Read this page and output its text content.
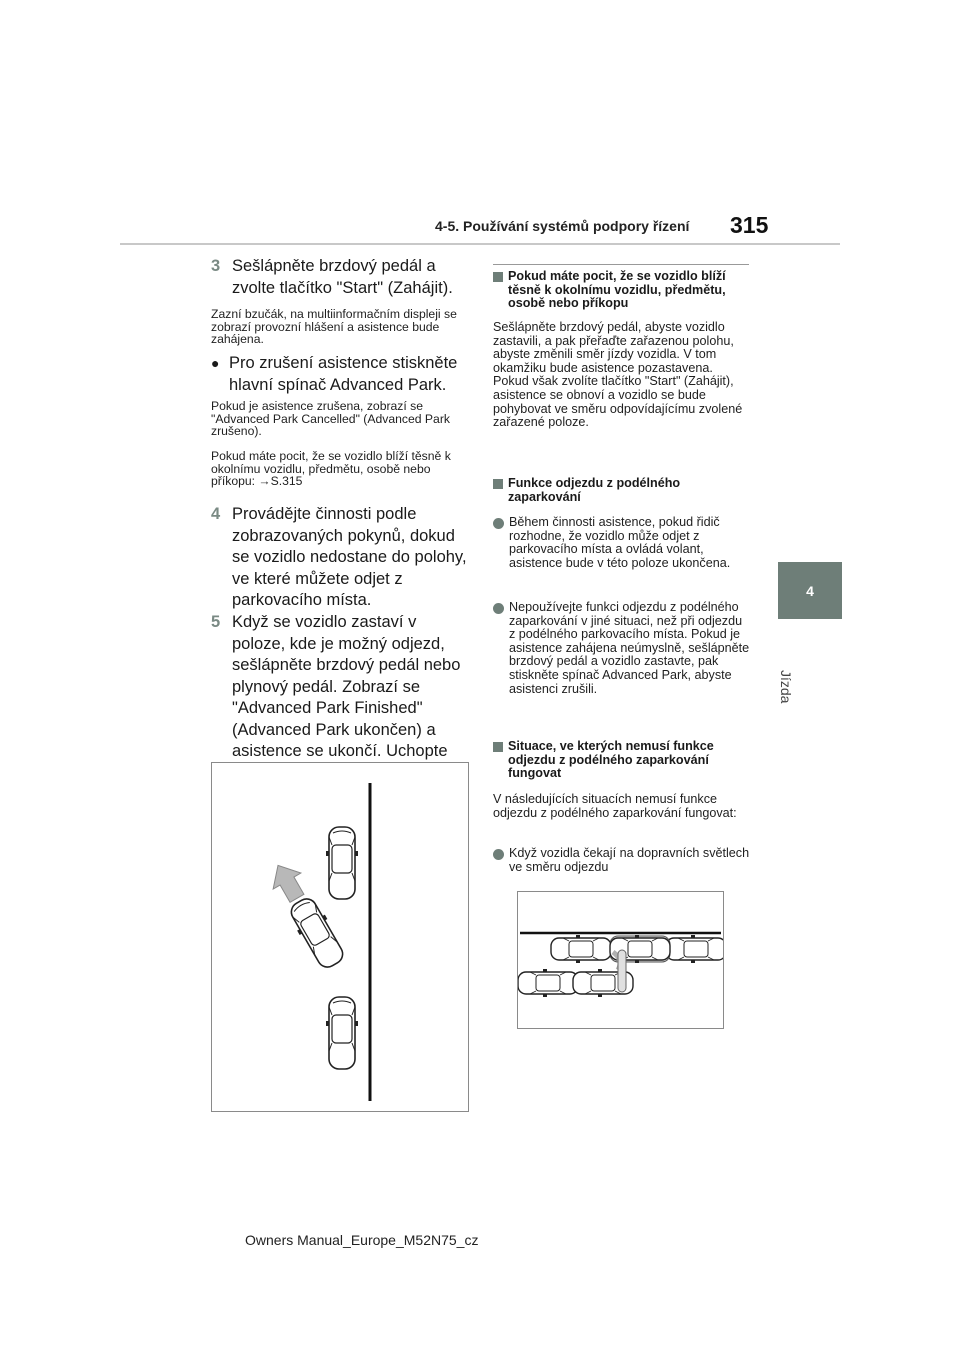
4-5. Používání systémů podpory řízení 315
4
Jízda
3 Sešlápněte brzdový pedál a zvolte tlačítko "Start" (Zahájit).
Zazní bzučák, na multiinformačním displeji se zobrazí provozní hlášení a asistence bude zahájena.
● Pro zrušení asistence stiskněte hlavní spínač Advanced Park.
Pokud je asistence zrušena, zobrazí se "Advanced Park Cancelled" (Advanced Park zrušeno).
Pokud máte pocit, že se vozidlo blíží těsně k okolnímu vozidlu, předmětu, osobě nebo příkopu: →S.315
4 Provádějte činnosti podle zobrazovaných pokynů, dokud se vozidlo nedostane do polohy, ve které můžete odjet z parkovacího místa.
5 Když se vozidlo zastaví v poloze, kde je možný odjezd, sešlápněte brzdový pedál nebo plynový pedál. Zobrazí se "Advanced Park Finished" (Advanced Park ukončen) a asistence se ukončí. Uchopte
Pokud máte pocit, že se vozidlo blíží těsně k okolnímu vozidlu, předmětu, osobě nebo příkopu
Sešlápněte brzdový pedál, abyste vozidlo zastavili, a pak přeřaďte zařazenou polohu, abyste změnili směr jízdy vozidla. V tom okamžiku bude asistence pozastavena. Pokud však zvolíte tlačítko "Start" (Zahájit), asistence se obnoví a vozidlo se bude pohybovat ve směru odpovídajícímu zvolené zařazené poloze.
Funkce odjezdu z podélného zaparkování
Během činnosti asistence, pokud řidič rozhodne, že vozidlo může odjet z parkovacího místa a ovládá volant, asistence bude v této poloze ukončena.
Nepoužívejte funkci odjezdu z podélného zaparkování v jiné situaci, než při odjezdu z podélného parkovacího místa. Pokud je asistence zahájena neúmyslně, sešlápněte brzdový pedál a vozidlo zastavte, pak stiskněte spínač Advanced Park, abyste asistenci zrušili.
Situace, ve kterých nemusí funkce odjezdu z podélného zaparkování fungovat
V následujících situacích nemusí funkce odjezdu z podélného zaparkování fungovat:
Když vozidla čekají na dopravních světlech ve směru odjezdu
Owners Manual_Europe_M52N75_cz
